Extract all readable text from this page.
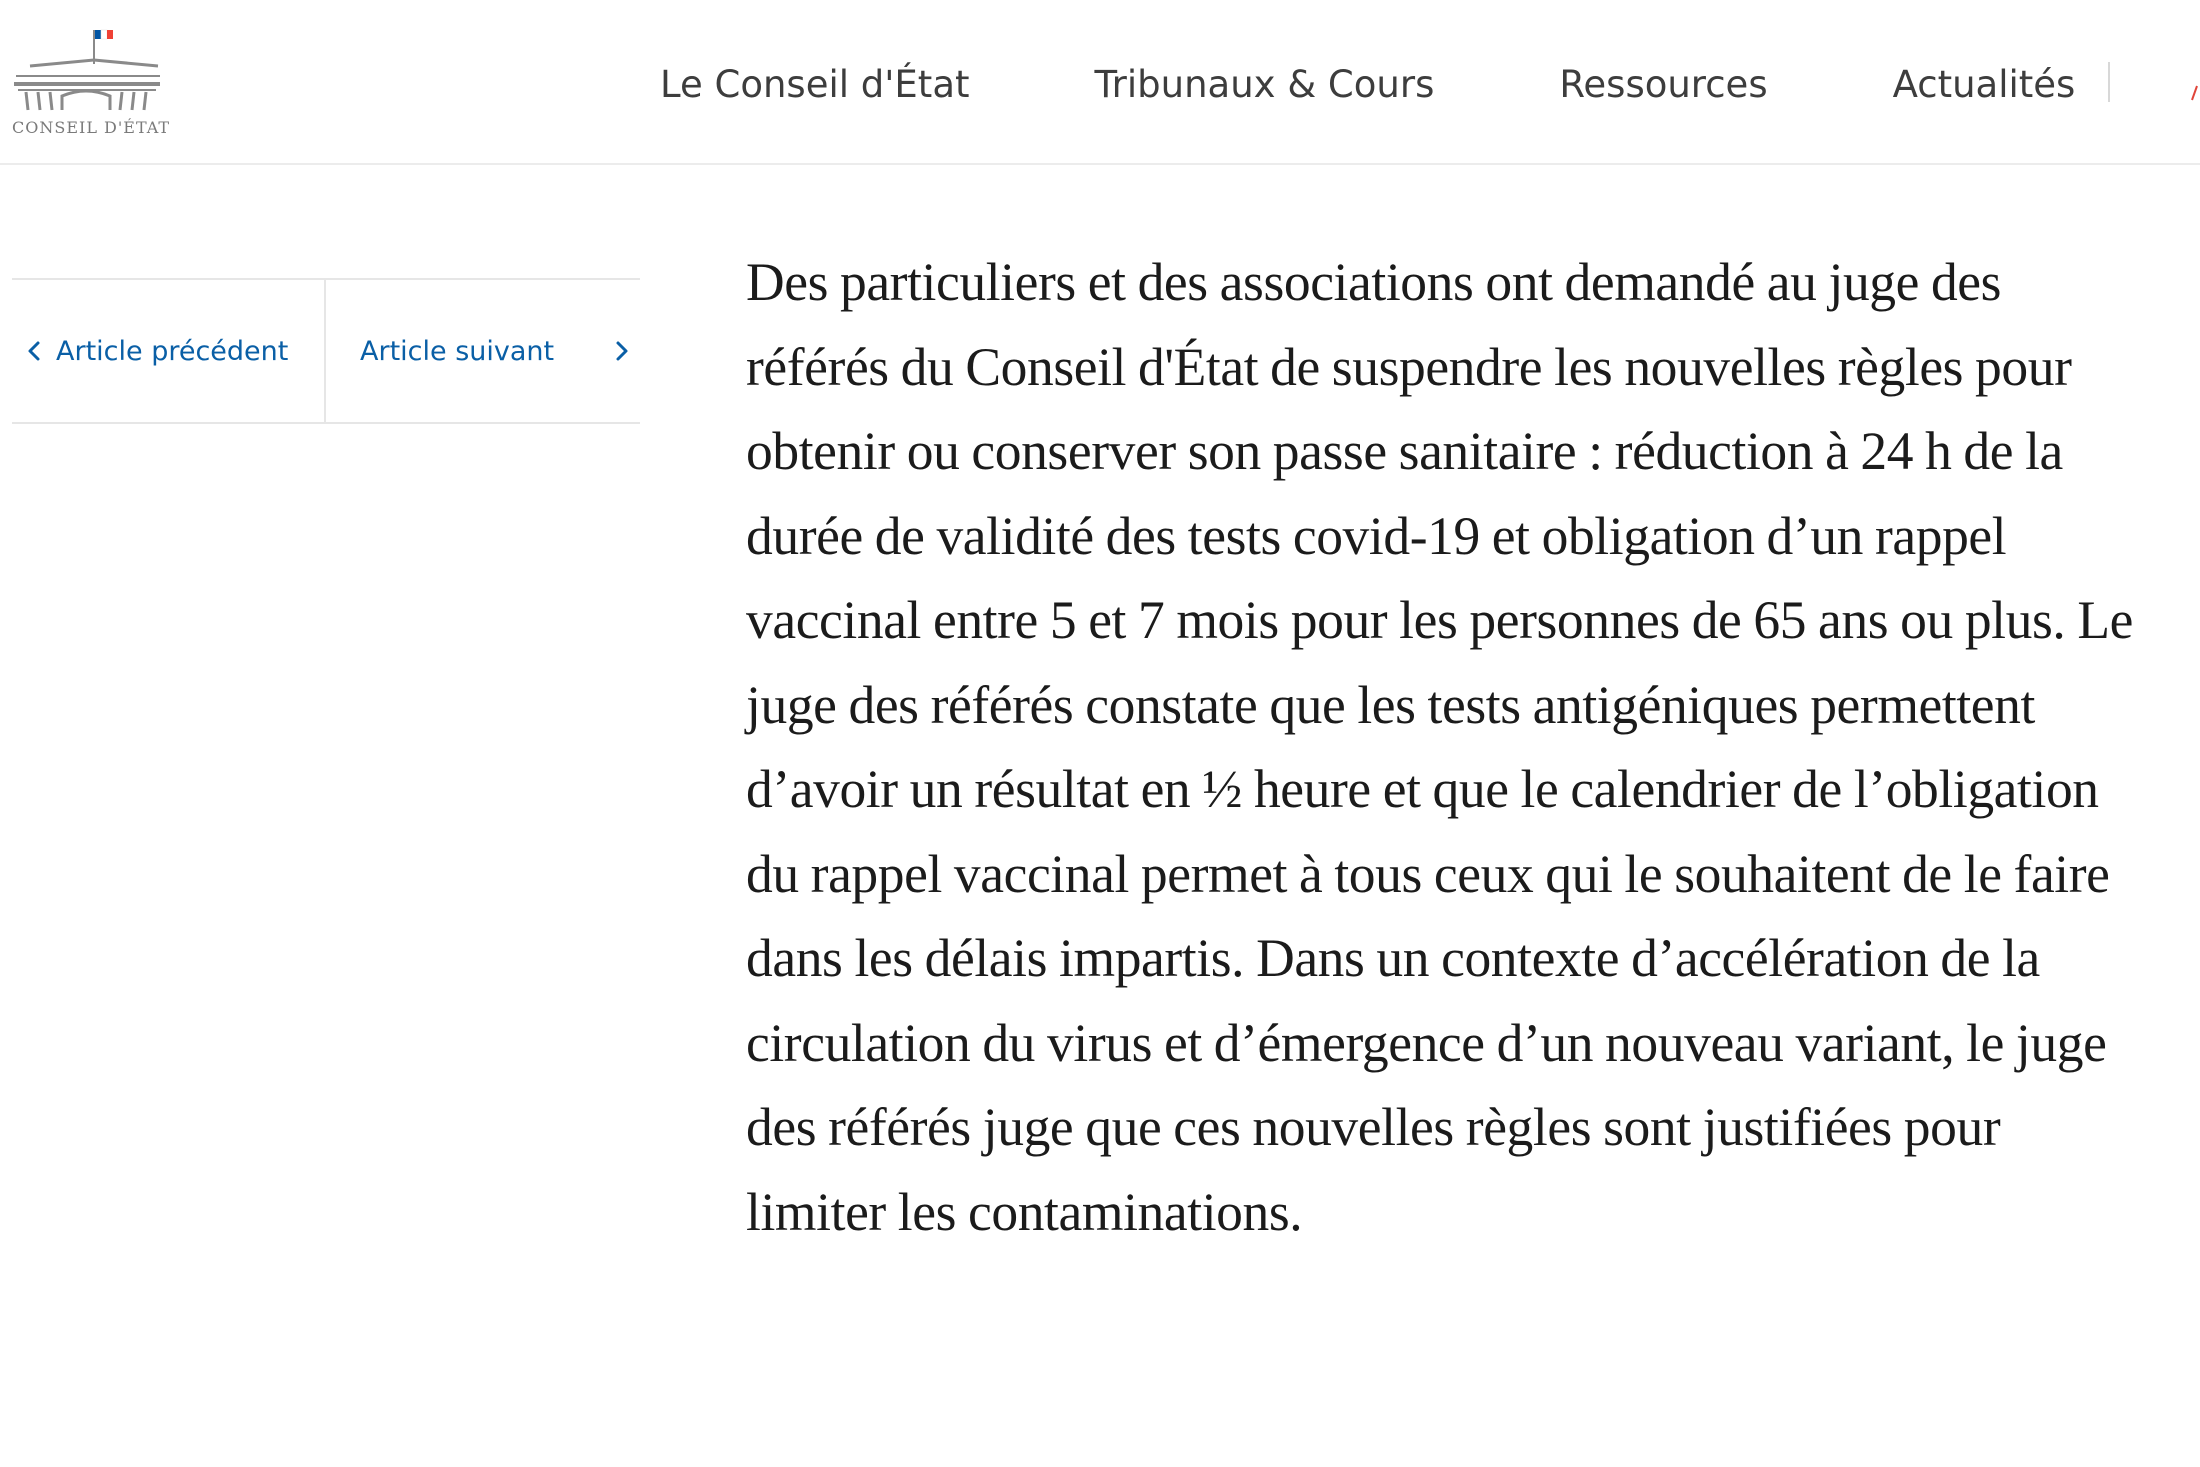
CONSEIL D'ÉTAT
Le Conseil d'État	Tribunaux & Cours	Ressources	Actualités
Article précédent	Article suivant

Des particuliers et des associations ont demandé au juge des référés du Conseil d'État de suspendre les nouvelles règles pour obtenir ou conserver son passe sanitaire : réduction à 24 h de la durée de validité des tests covid-19 et obligation d’un rappel vaccinal entre 5 et 7 mois pour les personnes de 65 ans ou plus. Le juge des référés constate que les tests antigéniques permettent d’avoir un résultat en ½ heure et que le calendrier de l’obligation du rappel vaccinal permet à tous ceux qui le souhaitent de le faire dans les délais impartis. Dans un contexte d’accélération de la circulation du virus et d’émergence d’un nouveau variant, le juge des référés juge que ces nouvelles règles sont justifiées pour limiter les contaminations.
